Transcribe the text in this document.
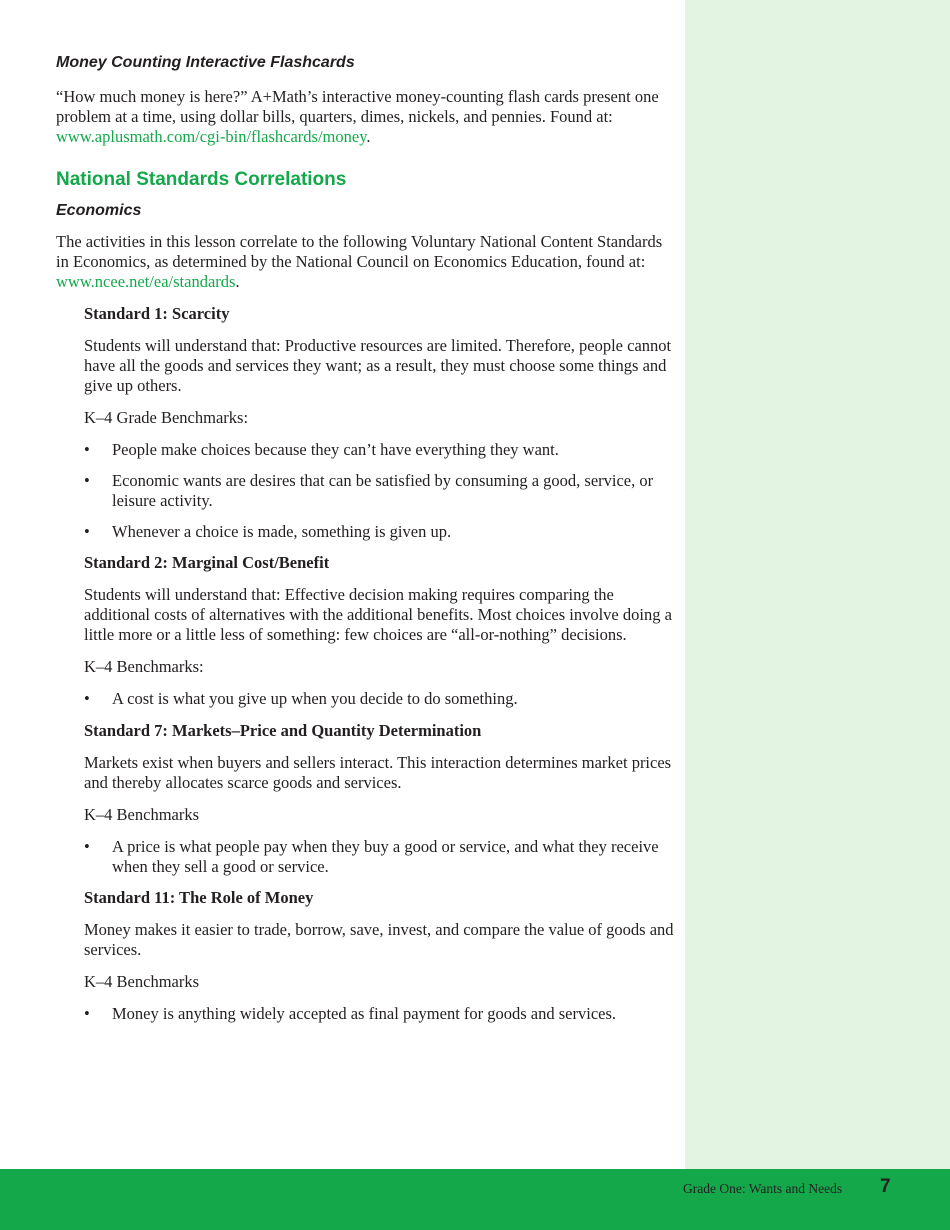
Money Counting Interactive Flashcards

“How much money is here?” A+Math’s interactive money-counting flash cards present one problem at a time, using dollar bills, quarters, dimes, nickels, and pennies. Found at: www.aplusmath.com/cgi-bin/flashcards/money.

National Standards Correlations
Economics

The activities in this lesson correlate to the following Voluntary National Content Standards in Economics, as determined by the National Council on Economics Education, found at: www.ncee.net/ea/standards.

Standard 1: Scarcity

Students will understand that: Productive resources are limited. Therefore, people cannot have all the goods and services they want; as a result, they must choose some things and give up others.

K–4 Grade Benchmarks:

• People make choices because they can’t have everything they want.
• Economic wants are desires that can be satisfied by consuming a good, service, or leisure activity.
• Whenever a choice is made, something is given up.

Standard 2: Marginal Cost/Benefit

Students will understand that: Effective decision making requires comparing the additional costs of alternatives with the additional benefits. Most choices involve doing a little more or a little less of something: few choices are “all-or-nothing” decisions.

K–4 Benchmarks:

• A cost is what you give up when you decide to do something.

Standard 7: Markets–Price and Quantity Determination

Markets exist when buyers and sellers interact. This interaction determines market prices and thereby allocates scarce goods and services.

K–4 Benchmarks

• A price is what people pay when they buy a good or service, and what they receive when they sell a good or service.

Standard 11: The Role of Money

Money makes it easier to trade, borrow, save, invest, and compare the value of goods and services.

K–4 Benchmarks

• Money is anything widely accepted as final payment for goods and services.
Grade One: Wants and Needs 7
